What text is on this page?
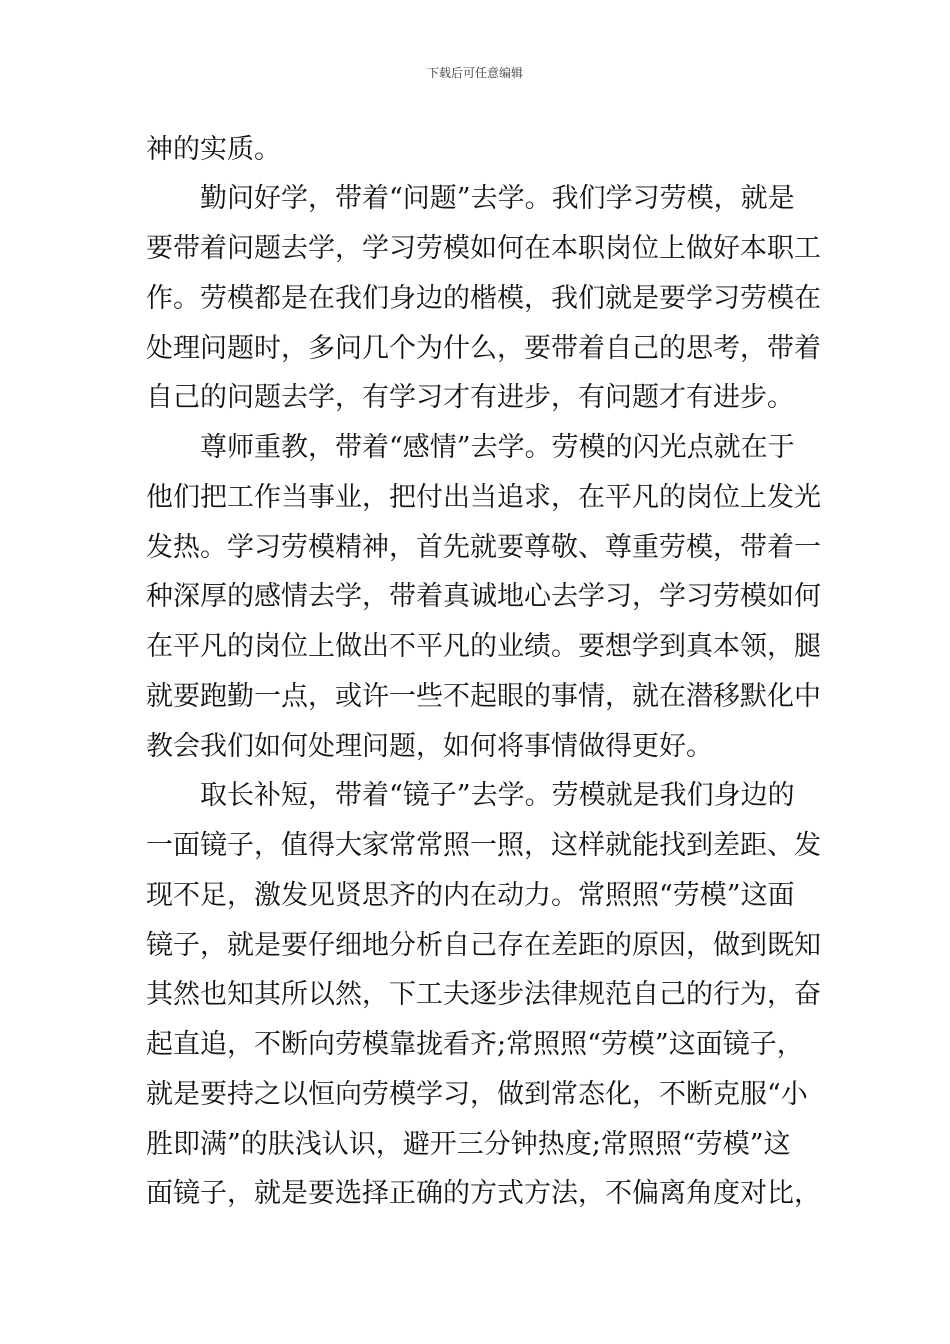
下载后可任意编辑
神的实质。
勤问好学，带着“问题”去学。我们学习劳模，就是
要带着问题去学，学习劳模如何在本职岗位上做好本职工
作。劳模都是在我们身边的楷模，我们就是要学习劳模在
处理问题时，多问几个为什么，要带着自己的思考，带着
自己的问题去学，有学习才有进步，有问题才有进步。
尊师重教，带着“感情”去学。劳模的闪光点就在于
他们把工作当事业，把付出当追求，在平凡的岗位上发光
发热。学习劳模精神，首先就要尊敬、尊重劳模，带着一
种深厚的感情去学，带着真诚地心去学习，学习劳模如何
在平凡的岗位上做出不平凡的业绩。要想学到真本领，腿
就要跑勤一点，或许一些不起眼的事情，就在潜移默化中
教会我们如何处理问题，如何将事情做得更好。
取长补短，带着“镜子”去学。劳模就是我们身边的
一面镜子，值得大家常常照一照，这样就能找到差距、发
现不足，激发见贤思齐的内在动力。常照照“劳模”这面
镜子，就是要仔细地分析自己存在差距的原因，做到既知
其然也知其所以然，下工夫逐步法律规范自己的行为，奋
起直追，不断向劳模靠拢看齐;常照照“劳模”这面镜子，
就是要持之以恒向劳模学习，做到常态化，不断克服“小
胜即满”的肤浅认识，避开三分钟热度;常照照“劳模”这
面镜子，就是要选择正确的方式方法，不偏离角度对比，
